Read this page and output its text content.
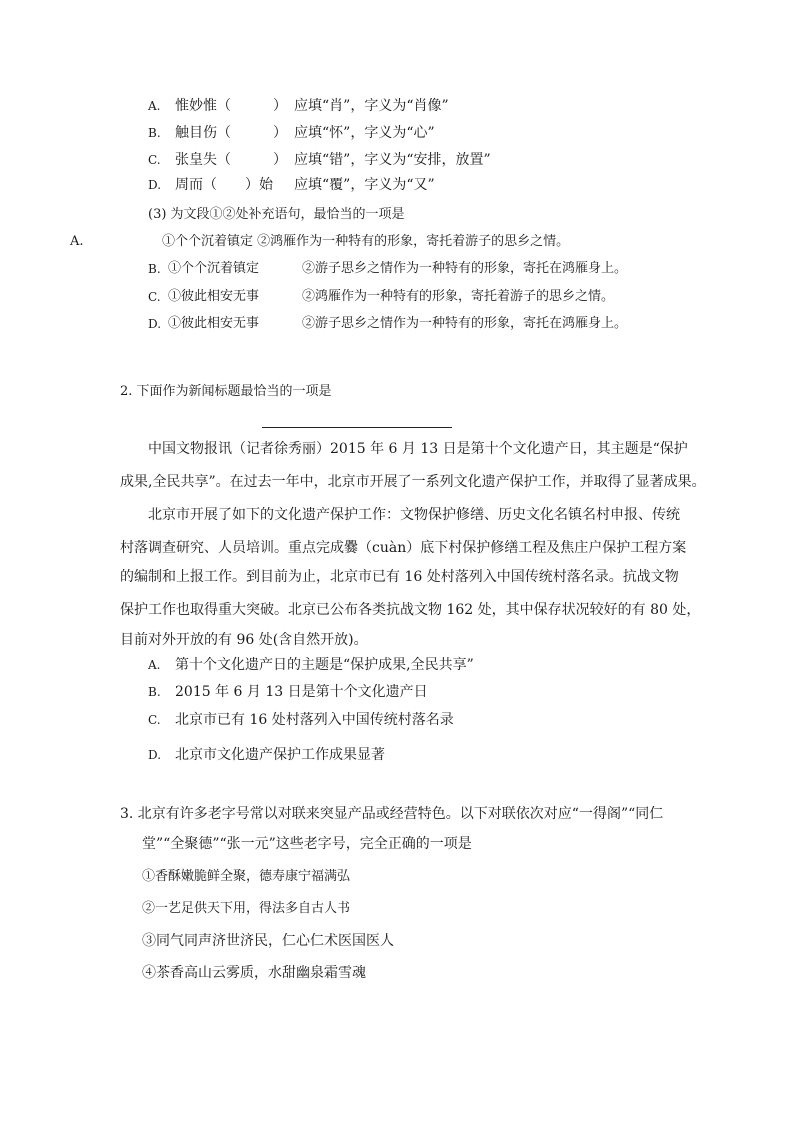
A. 惟妙惟（　　　） 应填“肖”，字义为“肖像”
B. 触目伤（　　　） 应填“怀”，字义为“心”
C. 张皇失（　　　） 应填“错”，字义为“安排，放置”
D. 周而（　　）始 应填“覆”，字义为“又”
(3) 为文段①②处补充语句，最恰当的一项是
A.	①个个沉着镇定 ②鸿雁作为一种特有的形象，寄托着游子的思乡之情。
B. ①个个沉着镇定	②游子思乡之情作为一种特有的形象，寄托在鸿雁身上。
C. ①彼此相安无事	②鸿雁作为一种特有的形象，寄托着游子的思乡之情。
D. ①彼此相安无事	②游子思乡之情作为一种特有的形象，寄托在鸿雁身上。
2. 下面作为新闻标题最恰当的一项是
中国文物报讯（记者徐秀丽）2015 年 6 月 13 日是第十个文化遗产日，其主题是“保护
成果,全民共享”。在过去一年中，北京市开展了一系列文化遗产保护工作，并取得了显著成果。
北京市开展了如下的文化遗产保护工作：文物保护修缮、历史文化名镇名村申报、传统
村落调查研究、人员培训。重点完成爨（cuàn）底下村保护修缮工程及焦庄户保护工程方案
的编制和上报工作。到目前为止，北京市已有 16 处村落列入中国传统村落名录。抗战文物
保护工作也取得重大突破。北京已公布各类抗战文物 162 处，其中保存状况较好的有 80 处，
目前对外开放的有 96 处(含自然开放)。
A. 第十个文化遗产日的主题是“保护成果,全民共享”
B. 2015 年 6 月 13 日是第十个文化遗产日
C. 北京市已有 16 处村落列入中国传统村落名录
D. 北京市文化遗产保护工作成果显著
3. 北京有许多老字号常以对联来突显产品或经营特色。以下对联依次对应“一得阁”“同仁
堂”“全聚德”“张一元”这些老字号，完全正确的一项是
①香酥嫩脆鲜全聚，德寿康宁福满弘
②一艺足供天下用，得法多自古人书
③同气同声济世济民，仁心仁术医国医人
④茶香高山云雾质，水甜幽泉霜雪魂
